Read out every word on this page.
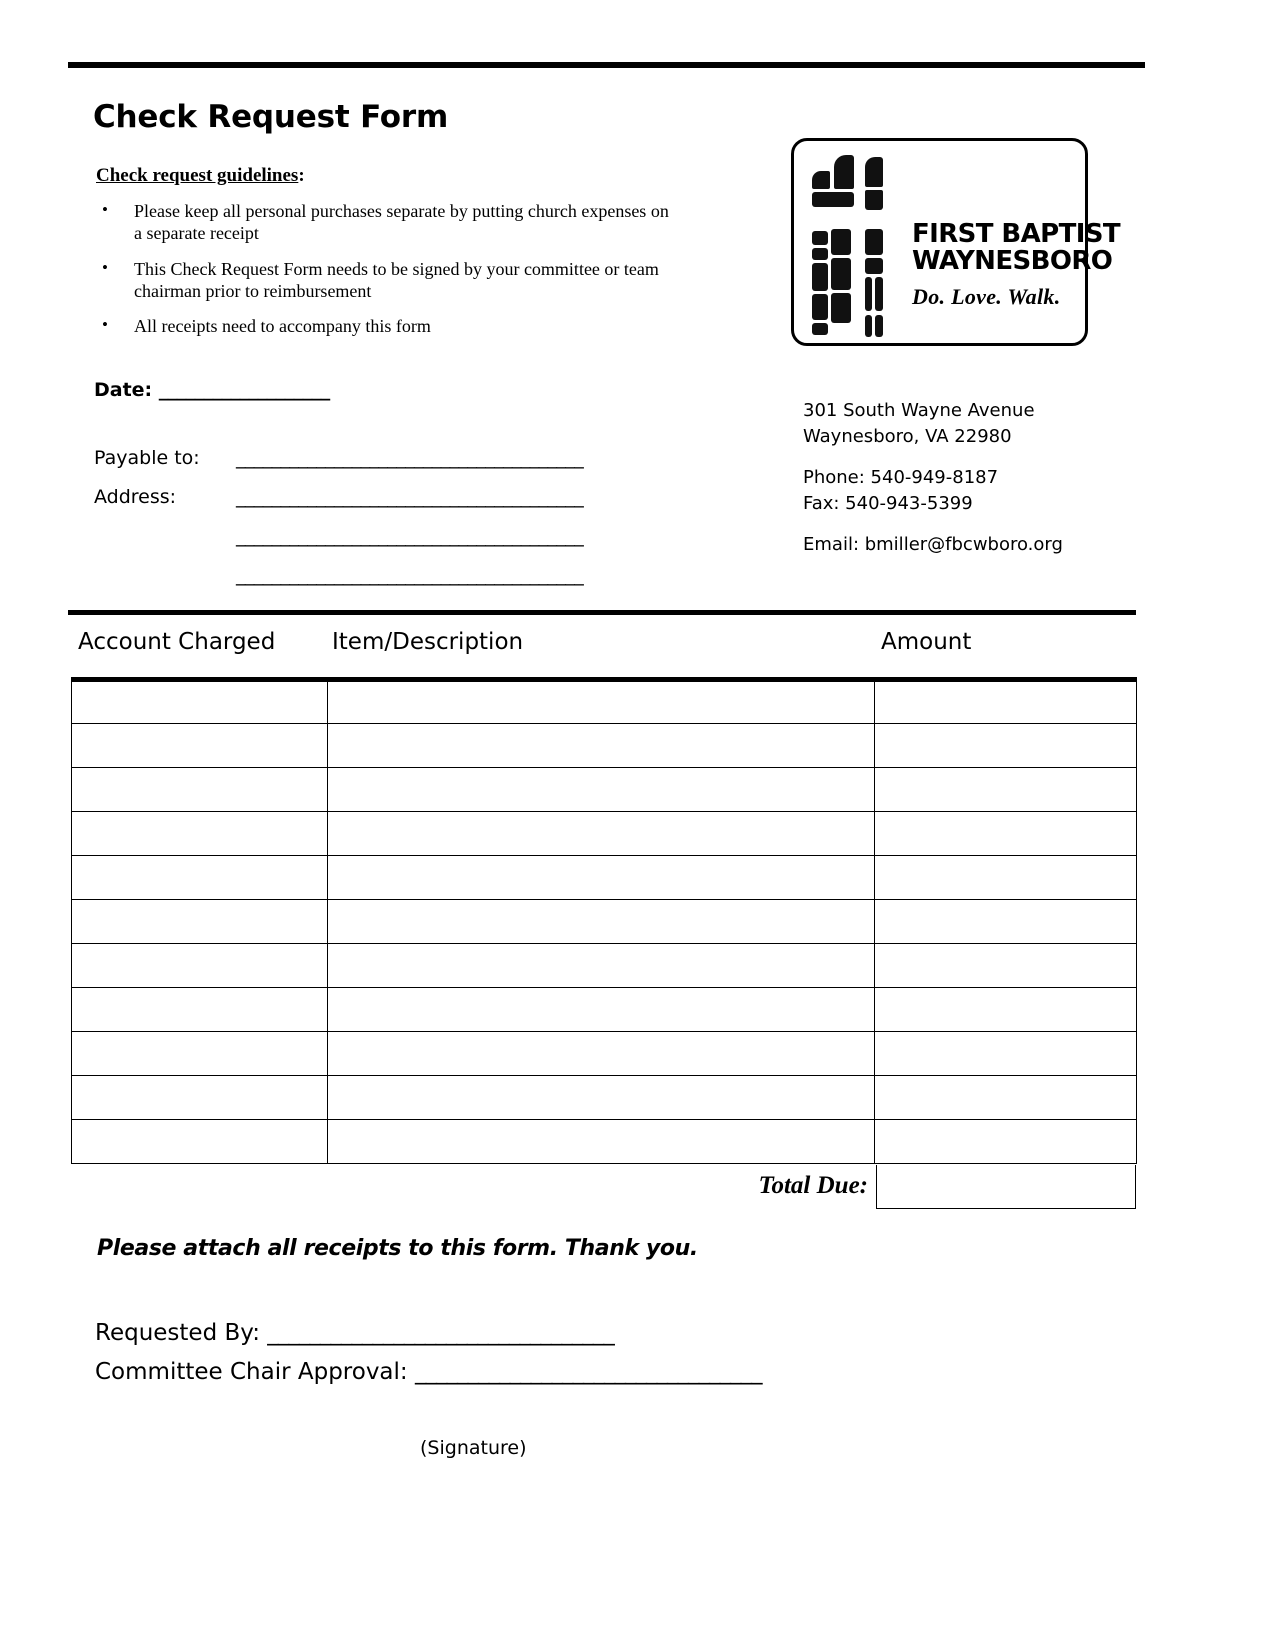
Check Request Form
Check request guidelines:
• Please keep all personal purchases separate by putting church expenses on a separate receipt
• This Check Request Form needs to be signed by your committee or team chairman prior to reimbursement
• All receipts need to accompany this form
Date: ___________________
Payable to: _______________________________________
Address:	_______________________________________
_______________________________________
_______________________________________
FIRST BAPTIST
WAYNESBORO
Do. Love. Walk.
301 South Wayne Avenue
Waynesboro, VA 22980
Phone: 540-949-8187
Fax: 540-943-5399
Email: bmiller@fbcwboro.org
Account Charged Item/Description	Amount

Total Due:
Please attach all receipts to this form. Thank you.
Requested By: _________________________________
Committee Chair Approval: _________________________________
(Signature)
